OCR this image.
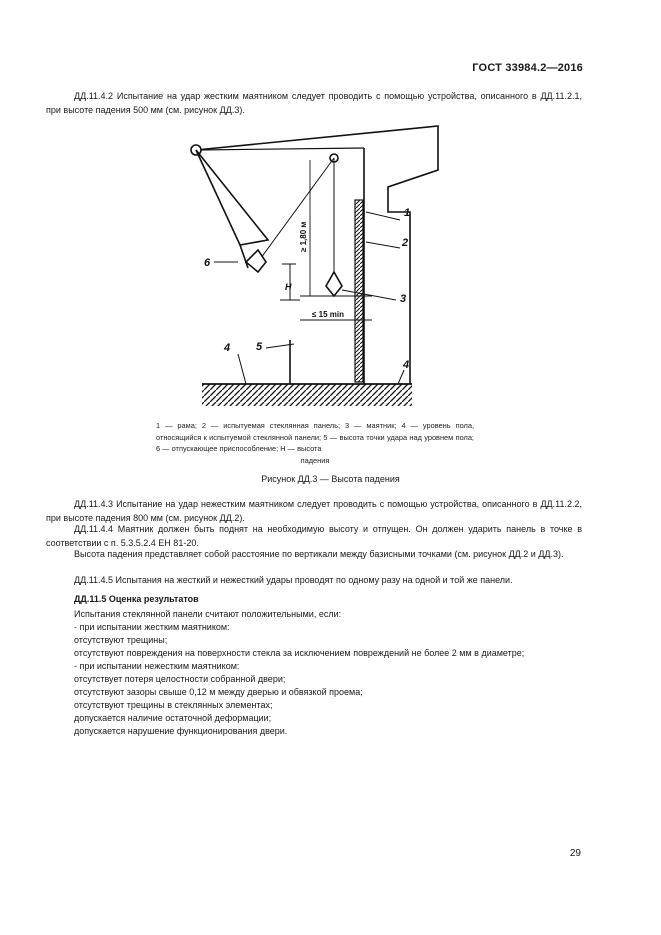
ГОСТ 33984.2—2016

ДД.11.4.2 Испытание на удар жестким маятником следует проводить с помощью устройства, описанного в ДД.11.2.1, при высоте падения 500 мм (см. рисунок ДД.3).

1
2
3
4
4
5
6
H
≥ 1,80 м
≤ 15 min
1 — рама; 2 — испытуемая стеклянная панель; 3 — маятник; 4 — уровень пола, относящийся к испытуемой стеклянной панели; 5 — высота точки удара над уровнем пола; 6 — отпускающее приспособление; H — высота
падения
Рисунок ДД.3 — Высота падения

ДД.11.4.3 Испытание на удар нежестким маятником следует проводить с помощью устройства, описанного в ДД.11.2.2, при высоте падения 800 мм (см. рисунок ДД.2).

ДД.11.4.4 Маятник должен быть поднят на необходимую высоту и отпущен. Он должен ударить панель в точке в соответствии с п. 5.3.5.2.4 ЕН 81-20.

Высота падения представляет собой расстояние по вертикали между базисными точками (см. рисунок ДД.2 и ДД.3).

ДД.11.4.5 Испытания на жесткий и нежесткий удары проводят по одному разу на одной и той же панели.

ДД.11.5 Оценка результатов

Испытания стеклянной панели считают положительными, если:

- при испытании жестким маятником:

отсутствуют трещины;

отсутствуют повреждения на поверхности стекла за исключением повреждений не более 2 мм в диаметре;

- при испытании нежестким маятником:

отсутствует потеря целостности собранной двери;

отсутствуют зазоры свыше 0,12 м между дверью и обвязкой проема;

отсутствуют трещины в стеклянных элементах;

допускается наличие остаточной деформации;

допускается нарушение функционирования двери.

29
